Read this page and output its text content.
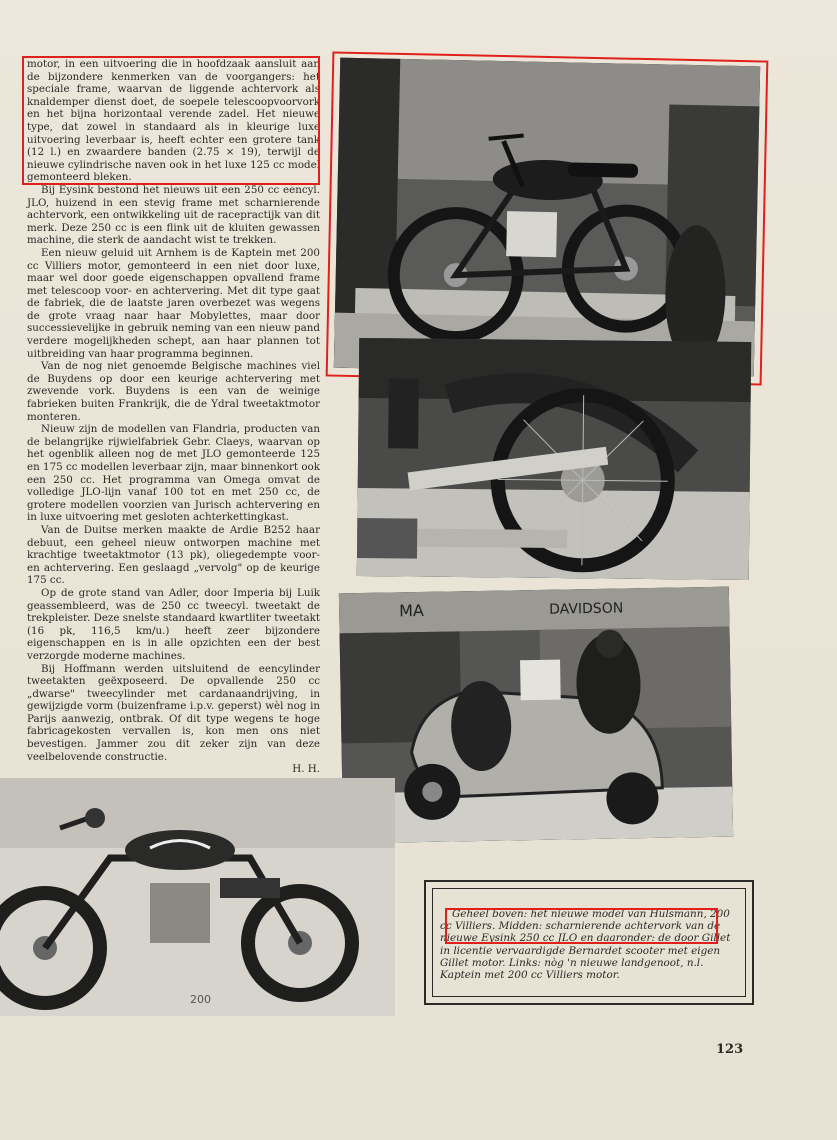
motor, in een uitvoering die in hoofdzaak aansluit aan de bijzondere kenmerken van de voorgangers: het speciale frame, waarvan de liggende achtervork als knaldemper dienst doet, de soepele telescoopvoorvork en het bijna horizontaal verende zadel. Het nieuwe type, dat zowel in standaard als in kleurige luxe uitvoering leverbaar is, heeft echter een grotere tank (12 l.) en zwaardere banden (2.75 × 19), terwijl de nieuwe cylindrische naven ook in het luxe 125 cc model gemonteerd bleken.

Bij Eysink bestond het nieuws uit een 250 cc eencyl. JLO, huizend in een stevig frame met scharnierende achtervork, een ontwikkeling uit de racepractijk van dit merk. Deze 250 cc is een flink uit de kluiten gewassen machine, die sterk de aandacht wist te trekken.

Een nieuw geluid uit Arnhem is de Kaptein met 200 cc Villiers motor, gemonteerd in een niet door luxe, maar wel door goede eigenschappen opvallend frame met telescoop voor- en achtervering. Met dit type gaat de fabriek, die de laatste jaren overbezet was wegens de grote vraag naar haar Mobylettes, maar door successievelijke in gebruik neming van een nieuw pand verdere mogelijkheden schept, aan haar plannen tot uitbreiding van haar programma beginnen.

Van de nog niet genoemde Belgische machines viel de Buydens op door een keurige achtervering met zwevende vork. Buydens is een van de weinige fabrieken buiten Frankrijk, die de Ydral tweetaktmotor monteren.

Nieuw zijn de modellen van Flandria, producten van de belangrijke rijwielfabriek Gebr. Claeys, waarvan op het ogenblik alleen nog de met JLO gemonteerde 125 en 175 cc modellen leverbaar zijn, maar binnenkort ook een 250 cc. Het programma van Omega omvat de volledige JLO-lijn vanaf 100 tot en met 250 cc, de grotere modellen voorzien van Jurisch achtervering en in luxe uitvoering met gesloten achterkettingkast.

Van de Duitse merken maakte de Ardie B252 haar debuut, een geheel nieuw ontworpen machine met krachtige tweetaktmotor (13 pk), oliegedempte voor- en achtervering. Een geslaagd „vervolg" op de keurige 175 cc.

Op de grote stand van Adler, door Imperia bij Luik geassembleerd, was de 250 cc tweecyl. tweetakt de trekpleister. Deze snelste standaard kwartliter tweetakt (16 pk, 116,5 km/u.) heeft zeer bijzondere eigenschappen en is in alle opzichten een der best verzorgde moderne machines.

Bij Hoffmann werden uitsluitend de eencylinder tweetakten geëxposeerd. De opvallende 250 cc „dwarse" tweecylinder met cardanaandrijving, in gewijzigde vorm (buizenframe i.p.v. geperst) wèl nog in Parijs aanwezig, ontbrak. Of dit type wegens te hoge fabricagekosten vervallen is, kon men ons niet bevestigen. Jammer zou dit zeker zijn van deze veelbelovende constructie.

H. H.
MA	DAVIDSON
200

Geheel boven: het nieuwe model van Hulsmann, 200 cc Villiers. Midden: scharnierende achtervork van de nieuwe Eysink 250 cc JLO en daaronder: de door Gillet in licentie vervaardigde Bernardet scooter met eigen Gillet motor. Links: nòg 'n nieuwe landgenoot, n.l. Kaptein met 200 cc Villiers motor.

123
